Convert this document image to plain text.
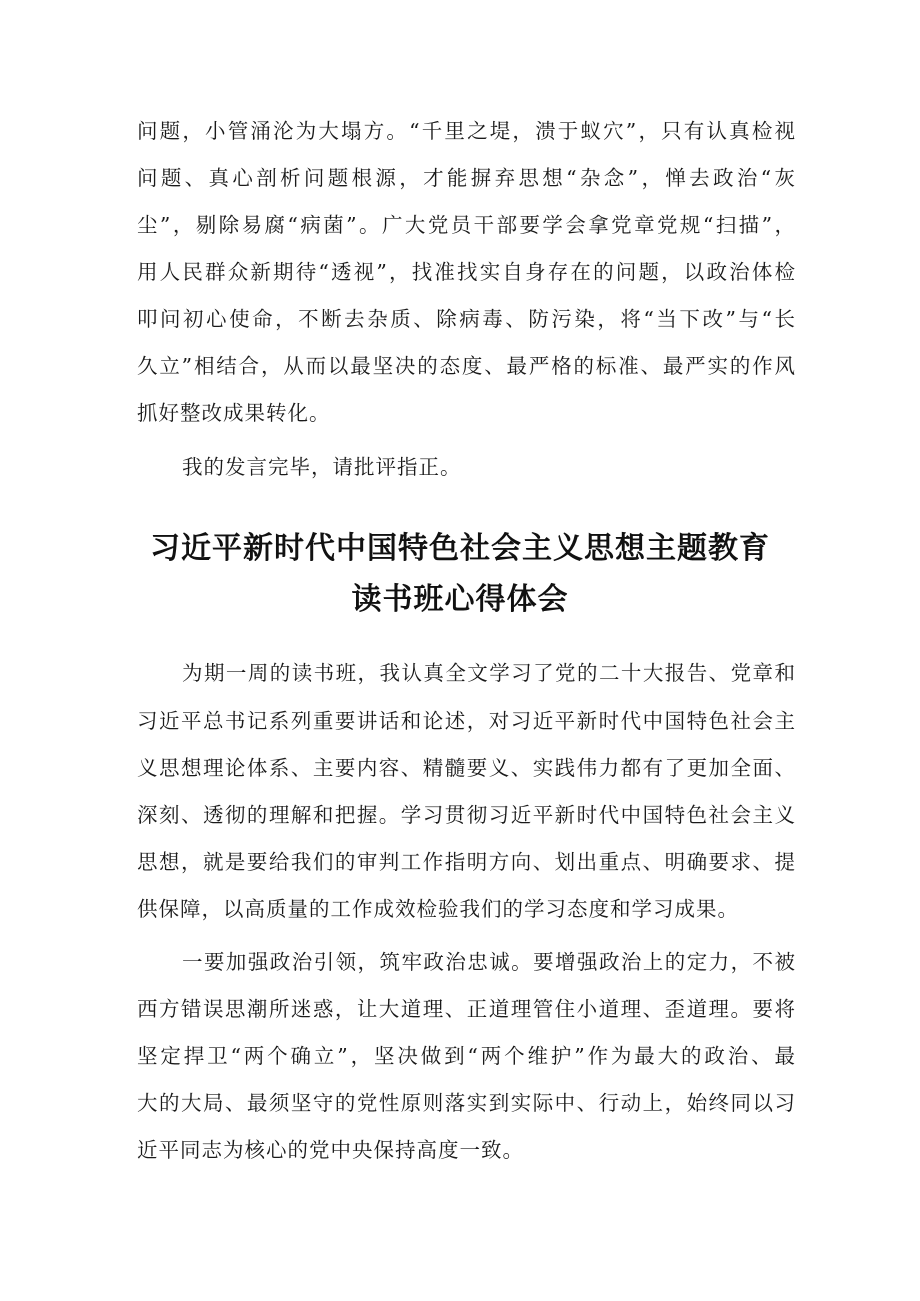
问题，小管涌沦为大塌方。“千里之堤，溃于蚁穴”，只有认真检视
问题、真心剖析问题根源，才能摒弃思想“杂念”，惮去政治“灰
尘”，剔除易腐“病菌”。广大党员干部要学会拿党章党规“扫描”，
用人民群众新期待“透视”，找准找实自身存在的问题，以政治体检
叩问初心使命，不断去杂质、除病毒、防污染，将“当下改”与“长
久立”相结合，从而以最坚决的态度、最严格的标准、最严实的作风
抓好整改成果转化。
我的发言完毕，请批评指正。
习近平新时代中国特色社会主义思想主题教育
读书班心得体会
为期一周的读书班，我认真全文学习了党的二十大报告、党章和
习近平总书记系列重要讲话和论述，对习近平新时代中国特色社会主
义思想理论体系、主要内容、精髓要义、实践伟力都有了更加全面、
深刻、透彻的理解和把握。学习贯彻习近平新时代中国特色社会主义
思想，就是要给我们的审判工作指明方向、划出重点、明确要求、提
供保障，以高质量的工作成效检验我们的学习态度和学习成果。
一要加强政治引领，筑牢政治忠诚。要增强政治上的定力，不被
西方错误思潮所迷惑，让大道理、正道理管住小道理、歪道理。要将
坚定捍卫“两个确立”，坚决做到“两个维护”作为最大的政治、最
大的大局、最须坚守的党性原则落实到实际中、行动上，始终同以习
近平同志为核心的党中央保持高度一致。
